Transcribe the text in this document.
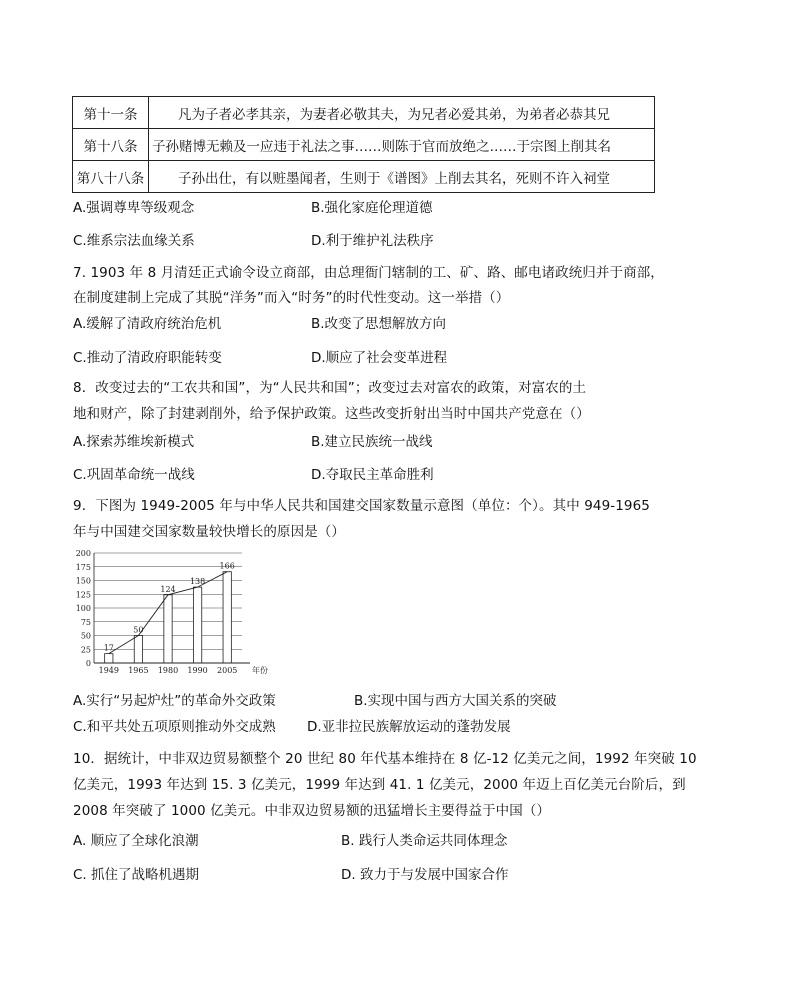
第十一条	凡为子者必孝其亲，为妻者必敬其夫，为兄者必爱其弟，为弟者必恭其兄
第十八条	子孙赌博无赖及一应违于礼法之事……则陈于官而放绝之……于宗图上削其名
第八十八条	子孙出仕，有以赃墨闻者，生则于《谱图》上削去其名，死则不许入祠堂
A.强调尊卑等级观念	B.强化家庭伦理道德
C.维系宗法血缘关系	D.利于维护礼法秩序
7. 1903 年 8 月清廷正式谕令设立商部，由总理衙门辖制的工、矿、路、邮电诸政统归并于商部，
在制度建制上完成了其脱“洋务”而入“时务”的时代性变动。这一举措（）
A.缓解了清政府统治危机	B.改变了思想解放方向
C.推动了清政府职能转变	D.顺应了社会变革进程
8．改变过去的“工农共和国”，为“人民共和国”；改变过去对富农的政策，对富农的土
地和财产，除了封建剥削外，给予保护政策。这些改变折射出当时中国共产党意在（）
A.探索苏维埃新模式	B.建立民族统一战线
C.巩固革命统一战线	D.夺取民主革命胜利
9．下图为 1949-2005 年与中华人民共和国建交国家数量示意图（单位：个）。其中 949-1965
年与中国建交国家数量较快增长的原因是（）
0
25
50
75
100
125
150
175
200
1949
17
1965
50
1980
124
1990
138
2005
166
年份
A.实行“另起炉灶”的革命外交政策	B.实现中国与西方大国关系的突破
C.和平共处五项原则推动外交成熟 D.亚非拉民族解放运动的蓬勃发展
10．据统计，中非双边贸易额整个 20 世纪 80 年代基本维持在 8 亿-12 亿美元之间，1992 年突破 10
亿美元，1993 年达到 15. 3 亿美元，1999 年达到 41. 1 亿美元，2000 年迈上百亿美元台阶后，到
2008 年突破了 1000 亿美元。中非双边贸易额的迅猛增长主要得益于中国（）
A. 顺应了全球化浪潮	B. 践行人类命运共同体理念
C. 抓住了战略机遇期	D. 致力于与发展中国家合作
